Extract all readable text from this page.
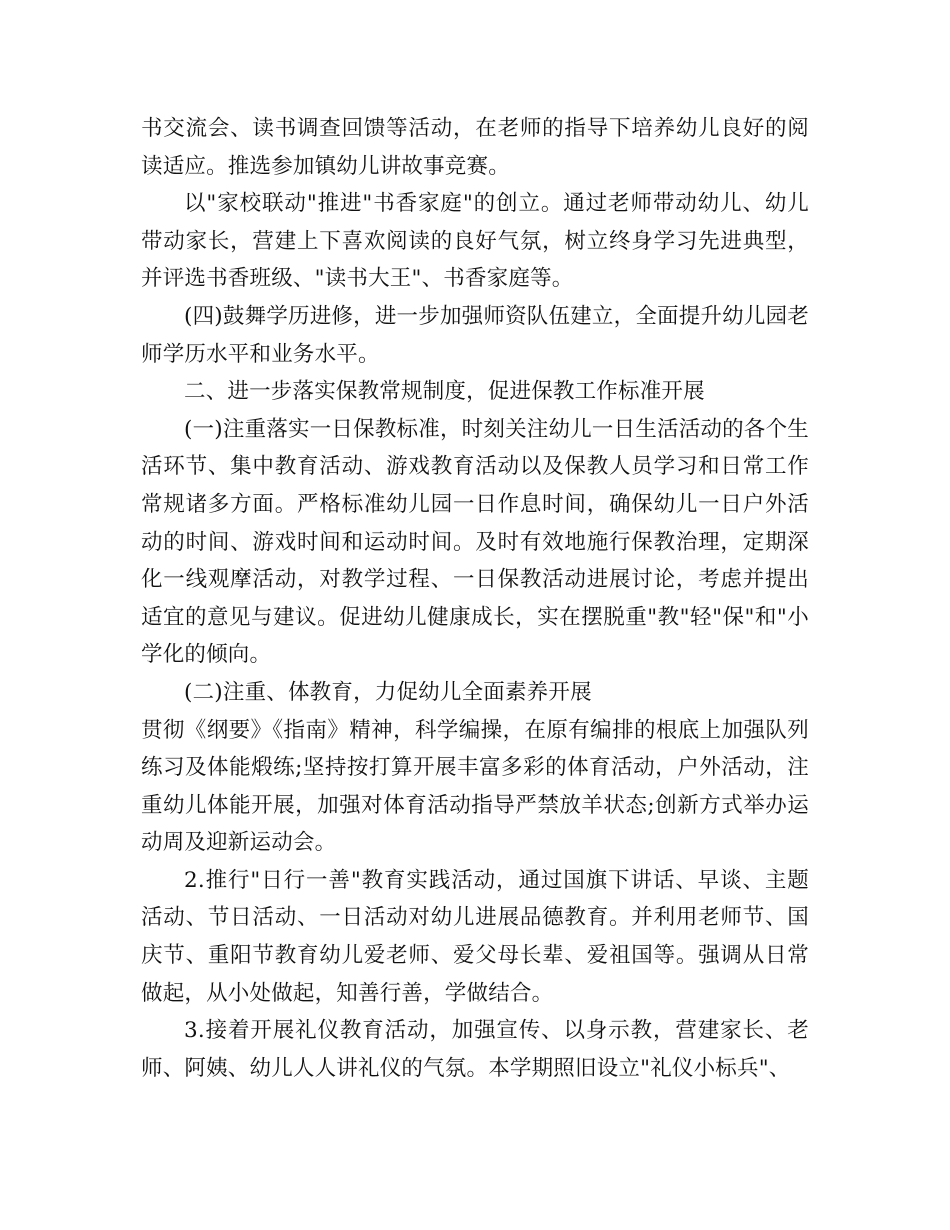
书交流会、读书调查回馈等活动，在老师的指导下培养幼儿良好的阅读适应。推选参加镇幼儿讲故事竞赛。

以"家校联动"推进"书香家庭"的创立。通过老师带动幼儿、幼儿带动家长，营建上下喜欢阅读的良好气氛，树立终身学习先进典型，并评选书香班级、"读书大王"、书香家庭等。

(四)鼓舞学历进修，进一步加强师资队伍建立，全面提升幼儿园老师学历水平和业务水平。

二、进一步落实保教常规制度，促进保教工作标准开展

(一)注重落实一日保教标准，时刻关注幼儿一日生活活动的各个生活环节、集中教育活动、游戏教育活动以及保教人员学习和日常工作常规诸多方面。严格标准幼儿园一日作息时间，确保幼儿一日户外活动的时间、游戏时间和运动时间。及时有效地施行保教治理，定期深化一线观摩活动，对教学过程、一日保教活动进展讨论，考虑并提出适宜的意见与建议。促进幼儿健康成长，实在摆脱重"教"轻"保"和"小学化的倾向。

(二)注重、体教育，力促幼儿全面素养开展

贯彻《纲要》《指南》精神，科学编操，在原有编排的根底上加强队列练习及体能煅练;坚持按打算开展丰富多彩的体育活动，户外活动，注重幼儿体能开展，加强对体育活动指导严禁放羊状态;创新方式举办运动周及迎新运动会。

2.推行"日行一善"教育实践活动，通过国旗下讲话、早谈、主题活动、节日活动、一日活动对幼儿进展品德教育。并利用老师节、国庆节、重阳节教育幼儿爱老师、爱父母长辈、爱祖国等。强调从日常做起，从小处做起，知善行善，学做结合。

3.接着开展礼仪教育活动，加强宣传、以身示教，营建家长、老师、阿姨、幼儿人人讲礼仪的气氛。本学期照旧设立"礼仪小标兵"、
